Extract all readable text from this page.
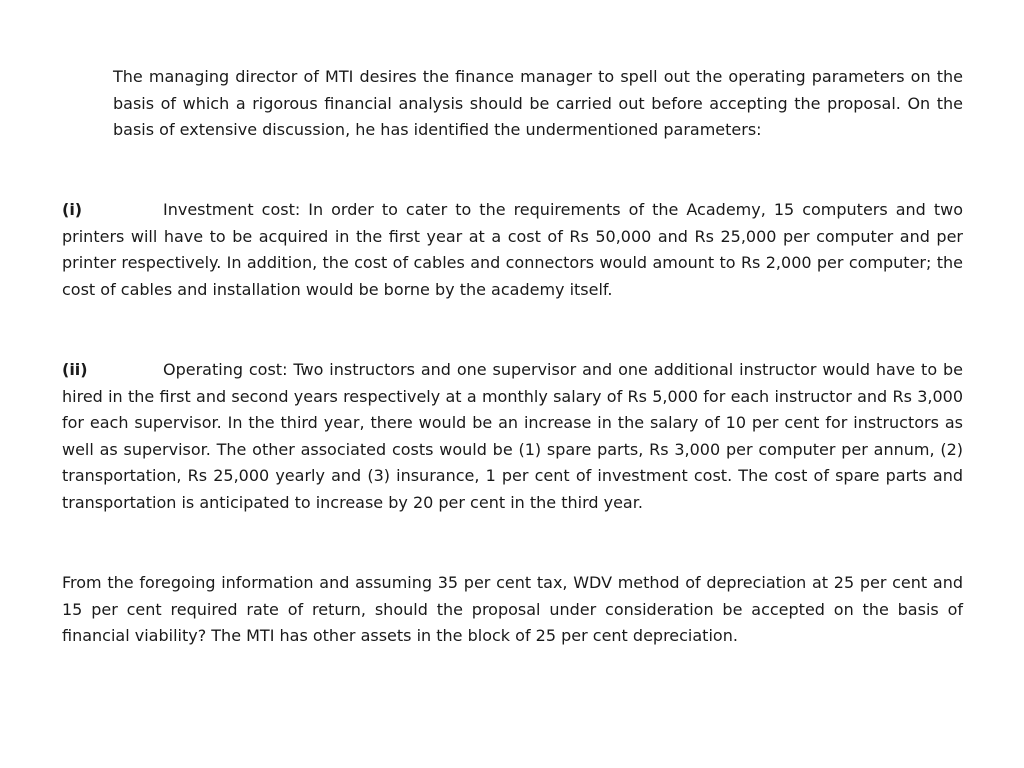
The managing director of MTI desires the finance manager to spell out the operating parameters on the basis of which a rigorous financial analysis should be carried out before accepting the proposal. On the basis of extensive discussion, he has identified the undermentioned parameters:

(i)	Investment cost: In order to cater to the requirements of the Academy, 15 computers and two printers will have to be acquired in the first year at a cost of Rs 50,000 and Rs 25,000 per computer and per printer respectively. In addition, the cost of cables and connectors would amount to Rs 2,000 per computer; the cost of cables and installation would be borne by the academy itself.

(ii)	Operating cost: Two instructors and one supervisor and one additional instructor would have to be hired in the first and second years respectively at a monthly salary of Rs 5,000 for each instructor and Rs 3,000 for each supervisor. In the third year, there would be an increase in the salary of 10 per cent for instructors as well as supervisor. The other associated costs would be (1) spare parts, Rs 3,000 per computer per annum, (2) transportation, Rs 25,000 yearly and (3) insurance, 1 per cent of investment cost. The cost of spare parts and transportation is anticipated to increase by 20 per cent in the third year.

From the foregoing information and assuming 35 per cent tax, WDV method of depreciation at 25 per cent and 15 per cent required rate of return, should the proposal under consideration be accepted on the basis of financial viability? The MTI has other assets in the block of 25 per cent depreciation.
